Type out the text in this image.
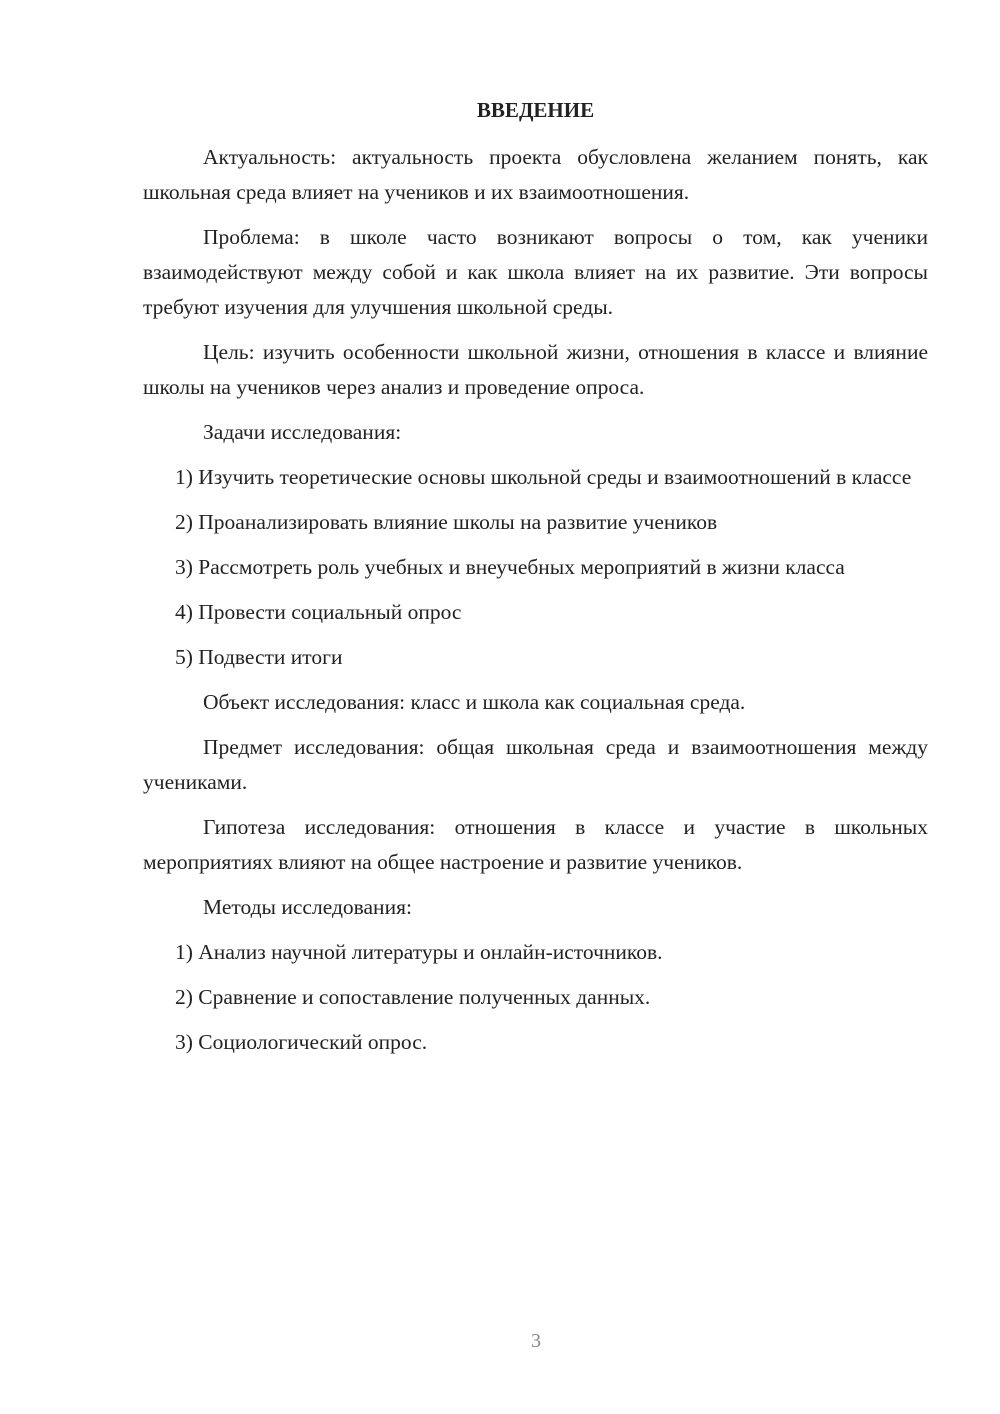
ВВЕДЕНИЕ

Актуальность: актуальность проекта обусловлена желанием понять, как школьная среда влияет на учеников и их взаимоотношения.

Проблема: в школе часто возникают вопросы о том, как ученики взаимодействуют между собой и как школа влияет на их развитие. Эти вопросы требуют изучения для улучшения школьной среды.

Цель: изучить особенности школьной жизни, отношения в классе и влияние школы на учеников через анализ и проведение опроса.

Задачи исследования:

1) Изучить теоретические основы школьной среды и взаимоотношений в классе

2) Проанализировать влияние школы на развитие учеников

3) Рассмотреть роль учебных и внеучебных мероприятий в жизни класса

4) Провести социальный опрос

5) Подвести итоги

Объект исследования: класс и школа как социальная среда.

Предмет исследования: общая школьная среда и взаимоотношения между учениками.

Гипотеза исследования: отношения в классе и участие в школьных мероприятиях влияют на общее настроение и развитие учеников.

Методы исследования:

1) Анализ научной литературы и онлайн-источников.

2) Сравнение и сопоставление полученных данных.

3) Социологический опрос.

3
